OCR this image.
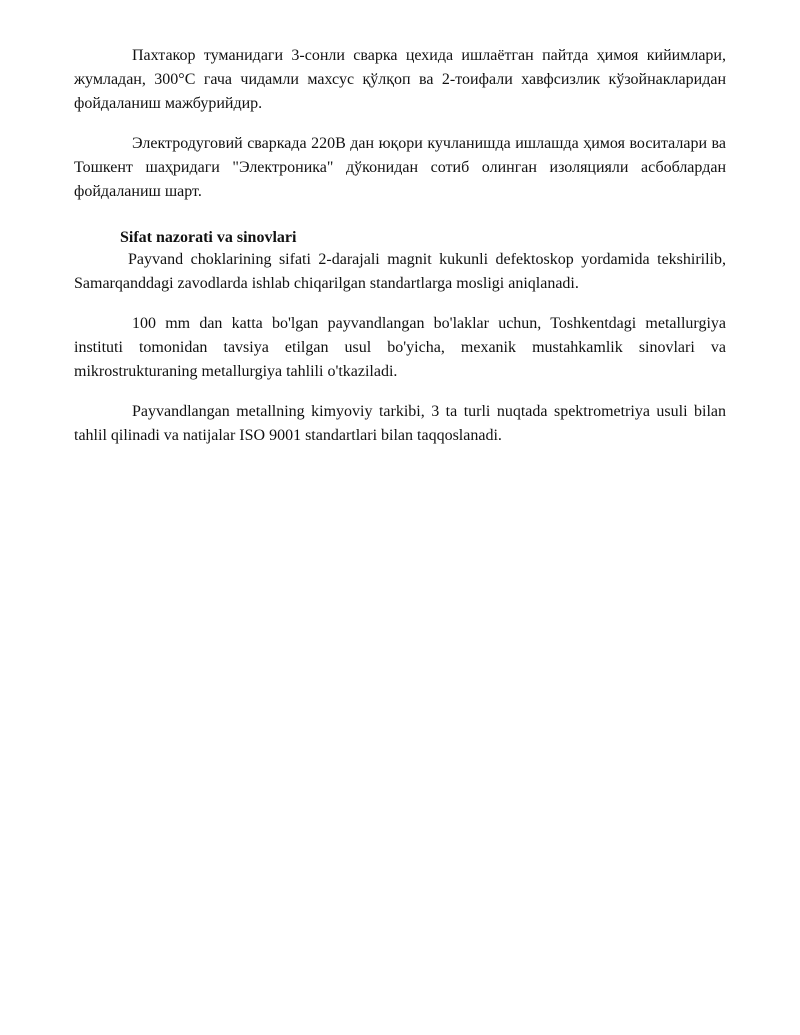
Пахтакор туманидаги 3-сонли сварка цехида ишлаётган пайтда ҳимоя кийимлари, жумладан, 300°C гача чидамли махсус қўлқоп ва 2-тоифали хавфсизлик кўзойнакларидан фойдаланиш мажбурийдир.

Электродуговий сваркада 220В дан юқори кучланишда ишлашда ҳимоя воситалари ва Тошкент шаҳридаги "Электроника" дўконидан сотиб олинган изоляцияли асбоблардан фойдаланиш шарт.

Sifat nazorati va sinovlari

Payvand choklarining sifati 2-darajali magnit kukunli defektoskop yordamida tekshirilib, Samarqanddagi zavodlarda ishlab chiqarilgan standartlarga mosligi aniqlanadi.

100 mm dan katta bo'lgan payvandlangan bo'laklar uchun, Toshkentdagi metallurgiya instituti tomonidan tavsiya etilgan usul bo'yicha, mexanik mustahkamlik sinovlari va mikrostrukturaning metallurgiya tahlili o'tkaziladi.

Payvandlangan metallning kimyoviy tarkibi, 3 ta turli nuqtada spektrometriya usuli bilan tahlil qilinadi va natijalar ISO 9001 standartlari bilan taqqoslanadi.
